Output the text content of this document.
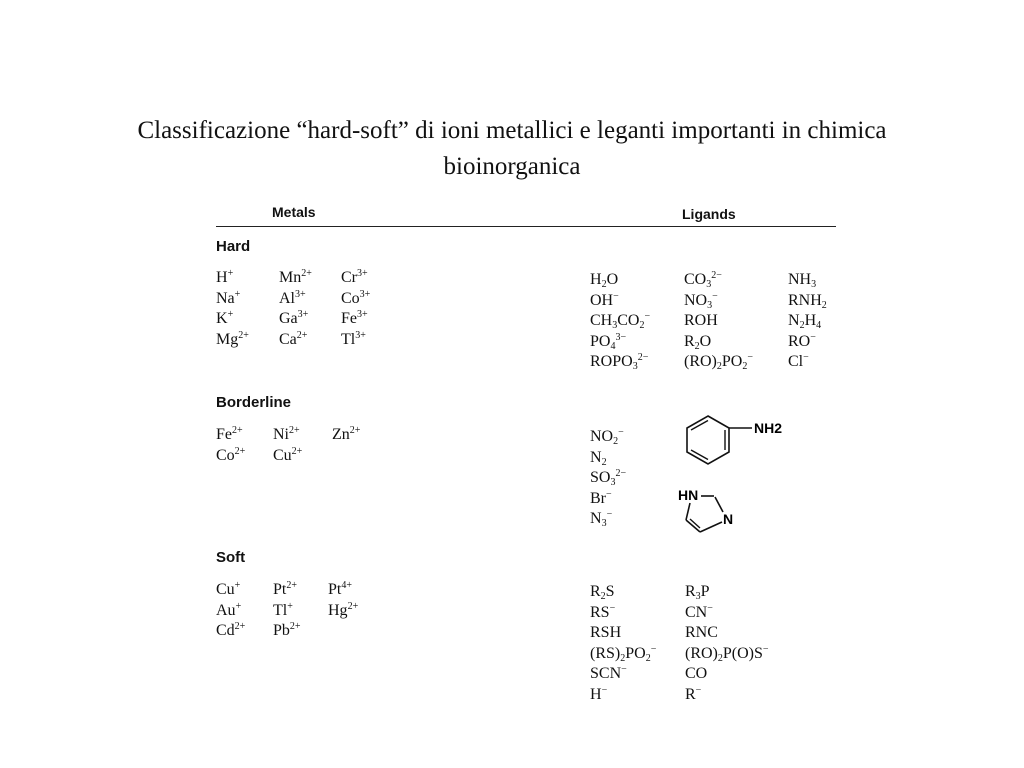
Classificazione “hard-soft” di ioni metallici e leganti importanti in chimica
bioinorganica
Metals	Ligands
Hard
Borderline
Soft
H+	$Mn^{2+}$ $Cr^{3+}$
Na+ $Al^{3+}$ $Co^{3+}$
K+	$Ga^{3+}$ $Fe^{3+}$
$Mg^{2+}$ $Ca^{2+}$ $Tl^{3+}$
$H_2O$	$CO_3^{2-}$	$NH_3$
OH−	$NO_3^-$	$RNH_2$
$CH_3CO_2^-$ ROH	$N_2H_4$
$PO_4^{3-}$	$R_2O$	RO−
$ROPO_3^{2-}$ $(RO)_2PO_2^-$ Cl−
$Fe^{2+}$ $Ni^{2+}$ $Zn^{2+}$
$Co^{2+}$ $Cu^{2+}$
$NO_2^-$
$N_2$
$SO_3^{2-}$
Br−
$N_3^-$
Cu+ $Pt^{2+}$ $Pt^{4+}$
Au+ Tl+ $Hg^{2+}$
$Cd^{2+}$ $Pb^{2+}$
$R_2S$	$R_3P$
RS−	CN−
RSH	RNC
$(RS)_2PO_2^-$ $(RO)_2P(O)S^-$
SCN−	CO
H−	R−
NH2
HN
N
